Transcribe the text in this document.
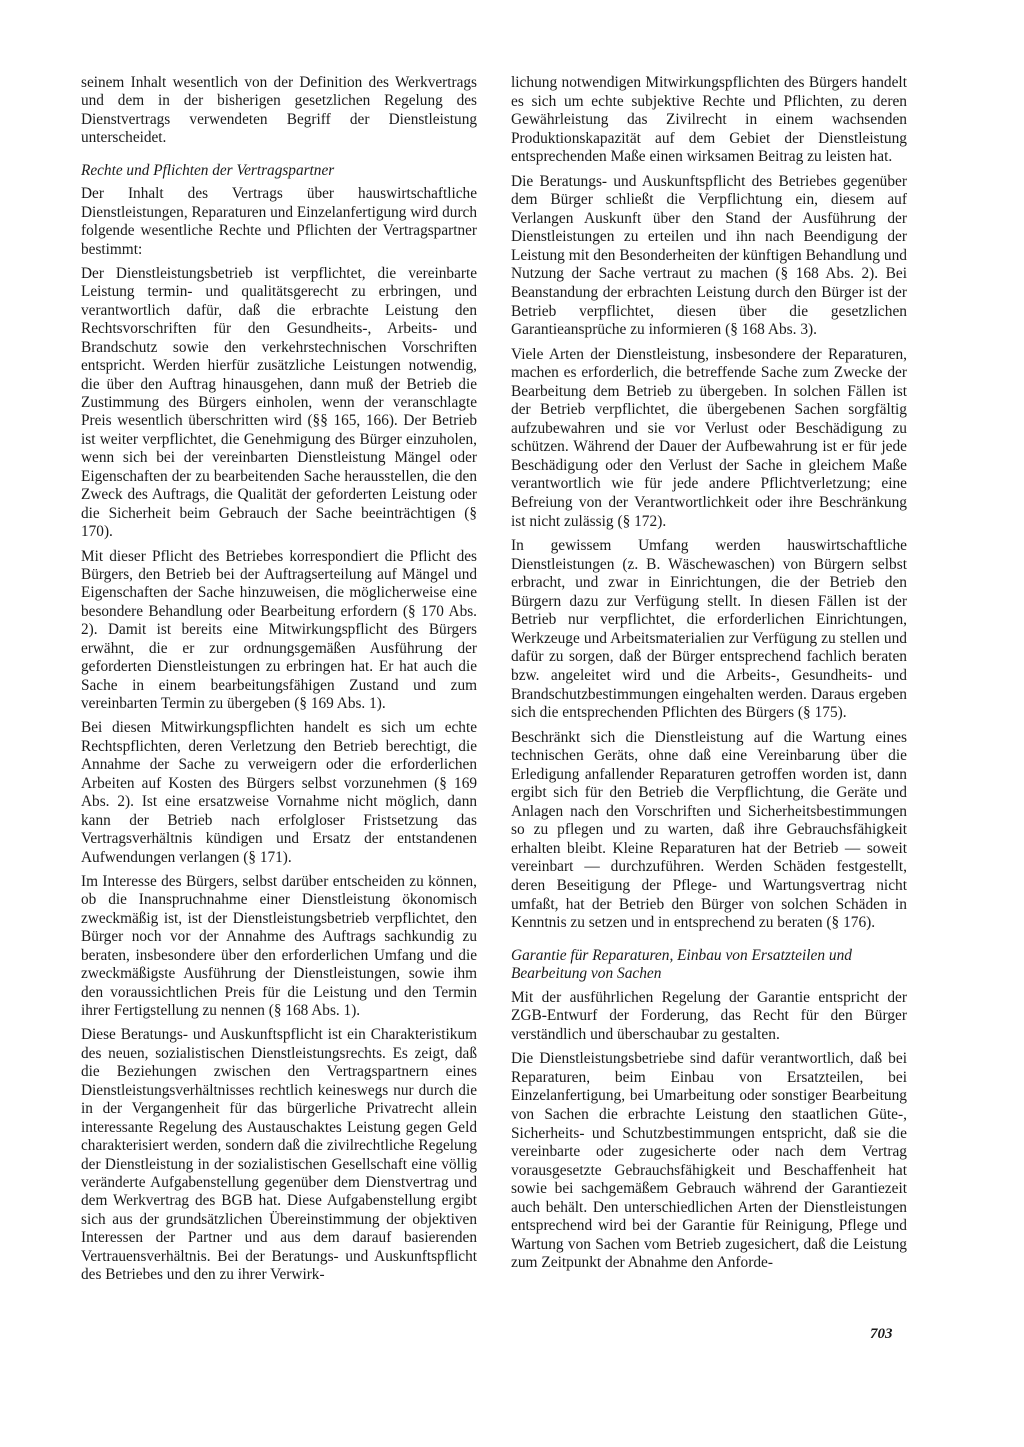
seinem Inhalt wesentlich von der Definition des Werkvertrags und dem in der bisherigen gesetzlichen Regelung des Dienstvertrags verwendeten Begriff der Dienstleistung unterscheidet.

Rechte und Pflichten der Vertragspartner

Der Inhalt des Vertrags über hauswirtschaftliche Dienstleistungen, Reparaturen und Einzelanfertigung wird durch folgende wesentliche Rechte und Pflichten der Vertragspartner bestimmt:

Der Dienstleistungsbetrieb ist verpflichtet, die vereinbarte Leistung termin- und qualitätsgerecht zu erbringen, und verantwortlich dafür, daß die erbrachte Leistung den Rechtsvorschriften für den Gesundheits-, Arbeits- und Brandschutz sowie den verkehrstechnischen Vorschriften entspricht. Werden hierfür zusätzliche Leistungen notwendig, die über den Auftrag hinausgehen, dann muß der Betrieb die Zustimmung des Bürgers einholen, wenn der veranschlagte Preis wesentlich überschritten wird (§§ 165, 166). Der Betrieb ist weiter verpflichtet, die Genehmigung des Bürger einzuholen, wenn sich bei der vereinbarten Dienstleistung Mängel oder Eigenschaften der zu bearbeitenden Sache herausstellen, die den Zweck des Auftrags, die Qualität der geforderten Leistung oder die Sicherheit beim Gebrauch der Sache beeinträchtigen (§ 170).

Mit dieser Pflicht des Betriebes korrespondiert die Pflicht des Bürgers, den Betrieb bei der Auftragserteilung auf Mängel und Eigenschaften der Sache hinzuweisen, die möglicherweise eine besondere Behandlung oder Bearbeitung erfordern (§ 170 Abs. 2). Damit ist bereits eine Mitwirkungspflicht des Bürgers erwähnt, die er zur ordnungsgemäßen Ausführung der geforderten Dienstleistungen zu erbringen hat. Er hat auch die Sache in einem bearbeitungsfähigen Zustand und zum vereinbarten Termin zu übergeben (§ 169 Abs. 1).

Bei diesen Mitwirkungspflichten handelt es sich um echte Rechtspflichten, deren Verletzung den Betrieb berechtigt, die Annahme der Sache zu verweigern oder die erforderlichen Arbeiten auf Kosten des Bürgers selbst vorzunehmen (§ 169 Abs. 2). Ist eine ersatzweise Vornahme nicht möglich, dann kann der Betrieb nach erfolgloser Fristsetzung das Vertragsverhältnis kündigen und Ersatz der entstandenen Aufwendungen verlangen (§ 171).

Im Interesse des Bürgers, selbst darüber entscheiden zu können, ob die Inanspruchnahme einer Dienstleistung ökonomisch zweckmäßig ist, ist der Dienstleistungsbetrieb verpflichtet, den Bürger noch vor der Annahme des Auftrags sachkundig zu beraten, insbesondere über den erforderlichen Umfang und die zweckmäßigste Ausführung der Dienstleistungen, sowie ihm den voraussichtlichen Preis für die Leistung und den Termin ihrer Fertigstellung zu nennen (§ 168 Abs. 1).

Diese Beratungs- und Auskunftspflicht ist ein Charakteristikum des neuen, sozialistischen Dienstleistungsrechts. Es zeigt, daß die Beziehungen zwischen den Vertragspartnern eines Dienstleistungsverhältnisses rechtlich keineswegs nur durch die in der Vergangenheit für das bürgerliche Privatrecht allein interessante Regelung des Austauschaktes Leistung gegen Geld charakterisiert werden, sondern daß die zivilrechtliche Regelung der Dienstleistung in der sozialistischen Gesellschaft eine völlig veränderte Aufgabenstellung gegenüber dem Dienstvertrag und dem Werkvertrag des BGB hat. Diese Aufgabenstellung ergibt sich aus der grundsätzlichen Übereinstimmung der objektiven Interessen der Partner und aus dem darauf basierenden Vertrauensverhältnis. Bei der Beratungs- und Auskunftspflicht des Betriebes und den zu ihrer Verwirk-

lichung notwendigen Mitwirkungspflichten des Bürgers handelt es sich um echte subjektive Rechte und Pflichten, zu deren Gewährleistung das Zivilrecht in einem wachsenden Produktionskapazität auf dem Gebiet der Dienstleistung entsprechenden Maße einen wirksamen Beitrag zu leisten hat.

Die Beratungs- und Auskunftspflicht des Betriebes gegenüber dem Bürger schließt die Verpflichtung ein, diesem auf Verlangen Auskunft über den Stand der Ausführung der Dienstleistungen zu erteilen und ihn nach Beendigung der Leistung mit den Besonderheiten der künftigen Behandlung und Nutzung der Sache vertraut zu machen (§ 168 Abs. 2). Bei Beanstandung der erbrachten Leistung durch den Bürger ist der Betrieb verpflichtet, diesen über die gesetzlichen Garantieansprüche zu informieren (§ 168 Abs. 3).

Viele Arten der Dienstleistung, insbesondere der Reparaturen, machen es erforderlich, die betreffende Sache zum Zwecke der Bearbeitung dem Betrieb zu übergeben. In solchen Fällen ist der Betrieb verpflichtet, die übergebenen Sachen sorgfältig aufzubewahren und sie vor Verlust oder Beschädigung zu schützen. Während der Dauer der Aufbewahrung ist er für jede Beschädigung oder den Verlust der Sache in gleichem Maße verantwortlich wie für jede andere Pflichtverletzung; eine Befreiung von der Verantwortlichkeit oder ihre Beschränkung ist nicht zulässig (§ 172).

In gewissem Umfang werden hauswirtschaftliche Dienstleistungen (z. B. Wäschewaschen) von Bürgern selbst erbracht, und zwar in Einrichtungen, die der Betrieb den Bürgern dazu zur Verfügung stellt. In diesen Fällen ist der Betrieb nur verpflichtet, die erforderlichen Einrichtungen, Werkzeuge und Arbeitsmaterialien zur Verfügung zu stellen und dafür zu sorgen, daß der Bürger entsprechend fachlich beraten bzw. angeleitet wird und die Arbeits-, Gesundheits- und Brandschutzbestimmungen eingehalten werden. Daraus ergeben sich die entsprechenden Pflichten des Bürgers (§ 175).

Beschränkt sich die Dienstleistung auf die Wartung eines technischen Geräts, ohne daß eine Vereinbarung über die Erledigung anfallender Reparaturen getroffen worden ist, dann ergibt sich für den Betrieb die Verpflichtung, die Geräte und Anlagen nach den Vorschriften und Sicherheitsbestimmungen so zu pflegen und zu warten, daß ihre Gebrauchsfähigkeit erhalten bleibt. Kleine Reparaturen hat der Betrieb — soweit vereinbart — durchzuführen. Werden Schäden festgestellt, deren Beseitigung der Pflege- und Wartungsvertrag nicht umfaßt, hat der Betrieb den Bürger von solchen Schäden in Kenntnis zu setzen und in entsprechend zu beraten (§ 176).

Garantie für Reparaturen, Einbau von Ersatzteilen und Bearbeitung von Sachen

Mit der ausführlichen Regelung der Garantie entspricht der ZGB-Entwurf der Forderung, das Recht für den Bürger verständlich und überschaubar zu gestalten.

Die Dienstleistungsbetriebe sind dafür verantwortlich, daß bei Reparaturen, beim Einbau von Ersatzteilen, bei Einzelanfertigung, bei Umarbeitung oder sonstiger Bearbeitung von Sachen die erbrachte Leistung den staatlichen Güte-, Sicherheits- und Schutzbestimmungen entspricht, daß sie die vereinbarte oder zugesicherte oder nach dem Vertrag vorausgesetzte Gebrauchsfähigkeit und Beschaffenheit hat sowie bei sachgemäßem Gebrauch während der Garantiezeit auch behält. Den unterschiedlichen Arten der Dienstleistungen entsprechend wird bei der Garantie für Reinigung, Pflege und Wartung von Sachen vom Betrieb zugesichert, daß die Leistung zum Zeitpunkt der Abnahme den Anforde-

703
